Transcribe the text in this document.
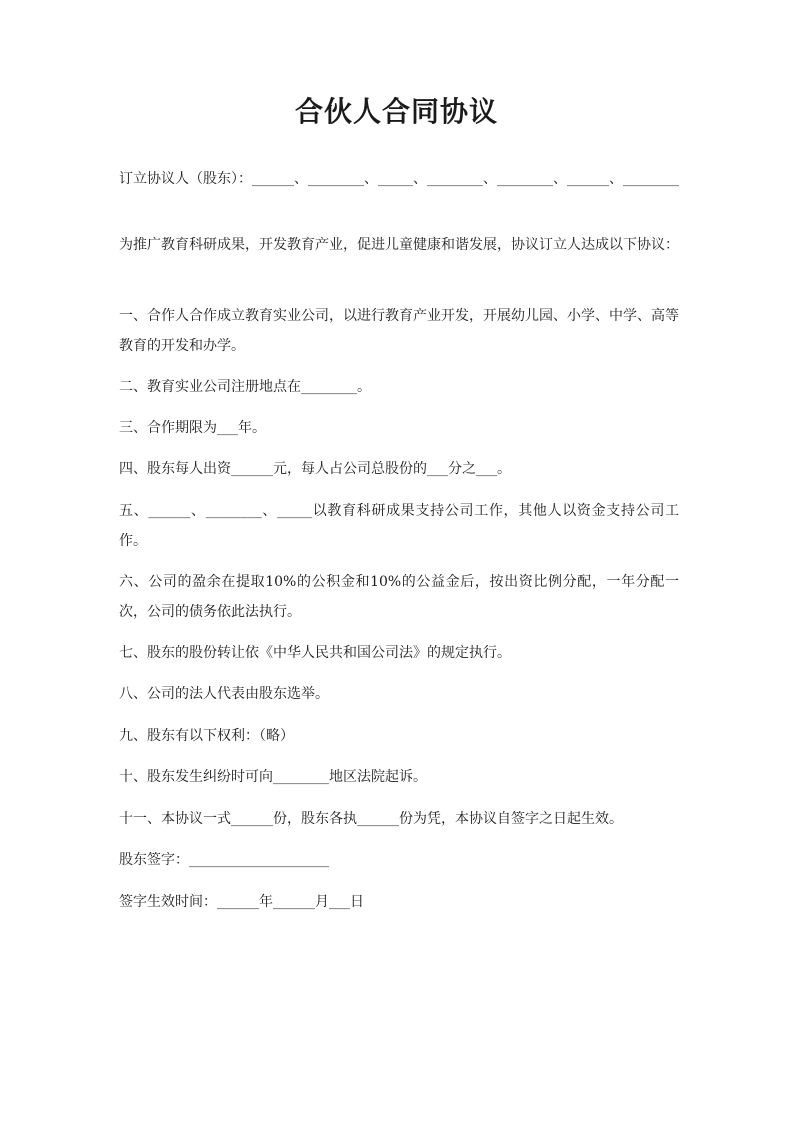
合伙人合同协议

订立协议人（股东）：______、________、_____、________、________、______、________

为推广教育科研成果，开发教育产业，促进儿童健康和谐发展，协议订立人达成以下协议：

一、合作人合作成立教育实业公司，以进行教育产业开发，开展幼儿园、小学、中学、高等教育的开发和办学。

二、教育实业公司注册地点在________。

三、合作期限为___年。

四、股东每人出资______元，每人占公司总股份的___分之___。

五、______、________、_____以教育科研成果支持公司工作，其他人以资金支持公司工作。

六、公司的盈余在提取10%的公积金和10%的公益金后，按出资比例分配，一年分配一次，公司的债务依此法执行。

七、股东的股份转让依《中华人民共和国公司法》的规定执行。

八、公司的法人代表由股东选举。

九、股东有以下权利：（略）

十、股东发生纠纷时可向________地区法院起诉。

十一、本协议一式______份，股东各执______份为凭，本协议自签字之日起生效。

股东签字：____________________

签字生效时间：______年______月___日
